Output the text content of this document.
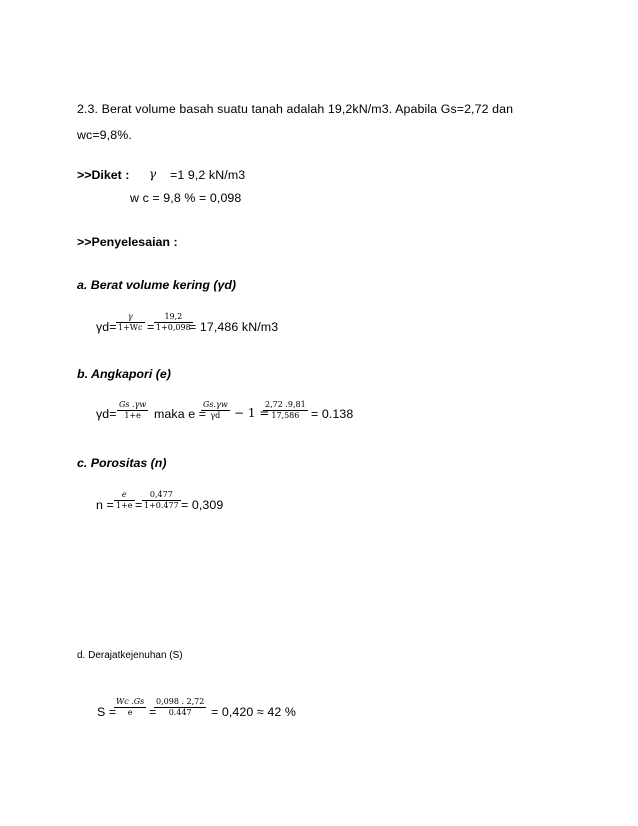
2.3. Berat volume basah suatu tanah adalah 19,2kN/m3. Apabila Gs=2,72 dan
wc=9,8%.
>>Diket : γ =1 9,2 kN/m3
w c = 9,8 % = 0,098
>>Penyelesaian :
a. Berat volume kering (γd)
$\gamma d= \frac{\gamma}{1+Wc} = \frac{19,2}{1+0,098}$
= 17,486 kN/m3
b. Angkapori (e)
$\gamma d= \frac{Gs .\gamma w}{1+e}$ maka e =
$\frac{Gs.\gamma w}{\gamma d} - 1$ =
$\frac{2,72 .9,81}{17,586} = 0.138$
c. Porositas (n)
$n = \frac{e}{1+e} = \frac{0,477}{1+0.477} = 0,309$
d. Derajatkejenuhan (S)
S =
$\frac{Wc .Gs}{e}$ =
$\frac{0,098 . 2,72}{0.447} = 0,420 \approx 42$ %
